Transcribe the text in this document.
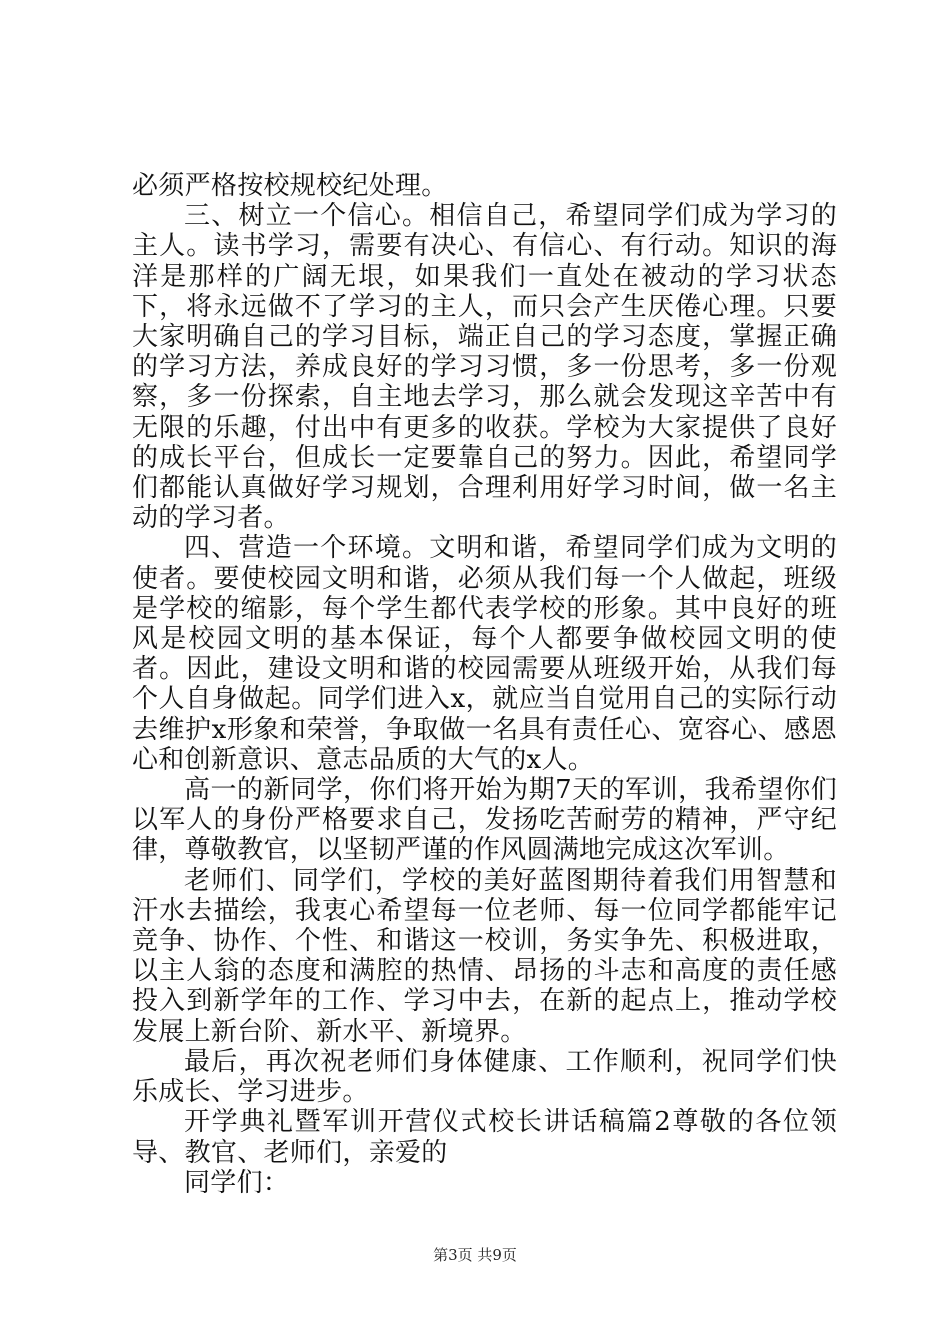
必须严格按校规校纪处理。

三、树立一个信心。相信自己，希望同学们成为学习的主人。读书学习，需要有决心、有信心、有行动。知识的海洋是那样的广阔无垠，如果我们一直处在被动的学习状态下，将永远做不了学习的主人，而只会产生厌倦心理。只要大家明确自己的学习目标，端正自己的学习态度，掌握正确的学习方法，养成良好的学习习惯，多一份思考，多一份观察，多一份探索，自主地去学习，那么就会发现这辛苦中有无限的乐趣，付出中有更多的收获。学校为大家提供了良好的成长平台，但成长一定要靠自己的努力。因此，希望同学们都能认真做好学习规划，合理利用好学习时间，做一名主动的学习者。

四、营造一个环境。文明和谐，希望同学们成为文明的使者。要使校园文明和谐，必须从我们每一个人做起，班级是学校的缩影，每个学生都代表学校的形象。其中良好的班风是校园文明的基本保证，每个人都要争做校园文明的使者。因此，建设文明和谐的校园需要从班级开始，从我们每个人自身做起。同学们进入x，就应当自觉用自己的实际行动去维护x形象和荣誉，争取做一名具有责任心、宽容心、感恩心和创新意识、意志品质的大气的x人。

高一的新同学，你们将开始为期7天的军训，我希望你们以军人的身份严格要求自己，发扬吃苦耐劳的精神，严守纪律，尊敬教官，以坚韧严谨的作风圆满地完成这次军训。

老师们、同学们，学校的美好蓝图期待着我们用智慧和汗水去描绘，我衷心希望每一位老师、每一位同学都能牢记竞争、协作、个性、和谐这一校训，务实争先、积极进取，以主人翁的态度和满腔的热情、昂扬的斗志和高度的责任感投入到新学年的工作、学习中去，在新的起点上，推动学校发展上新台阶、新水平、新境界。

最后，再次祝老师们身体健康、工作顺利，祝同学们快乐成长、学习进步。

开学典礼暨军训开营仪式校长讲话稿篇2尊敬的各位领导、教官、老师们，亲爱的

同学们：

第3页 共9页
